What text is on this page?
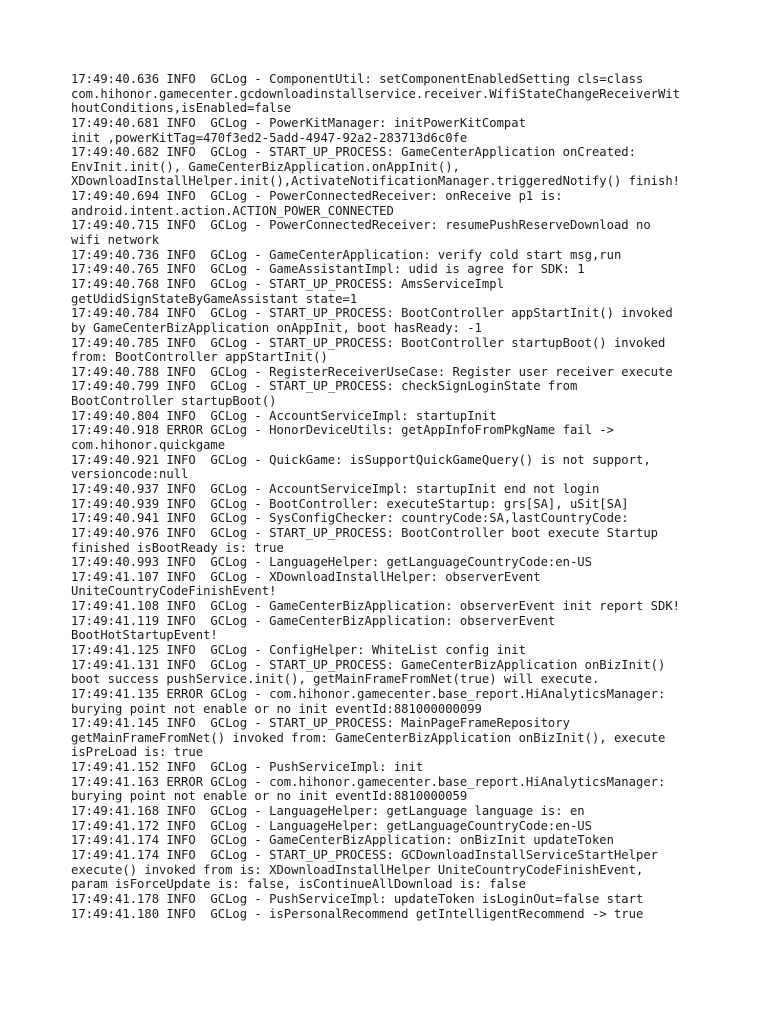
17:49:40.636 INFO  GCLog - ComponentUtil: setComponentEnabledSetting cls=class
com.hihonor.gamecenter.gcdownloadinstallservice.receiver.WifiStateChangeReceiverWit
houtConditions,isEnabled=false
17:49:40.681 INFO  GCLog - PowerKitManager: initPowerKitCompat
init ,powerKitTag=470f3ed2-5add-4947-92a2-283713d6c0fe
17:49:40.682 INFO  GCLog - START_UP_PROCESS: GameCenterApplication onCreated:
EnvInit.init(), GameCenterBizApplication.onAppInit(),
XDownloadInstallHelper.init(),ActivateNotificationManager.triggeredNotify() finish!
17:49:40.694 INFO  GCLog - PowerConnectedReceiver: onReceive p1 is:
android.intent.action.ACTION_POWER_CONNECTED
17:49:40.715 INFO  GCLog - PowerConnectedReceiver: resumePushReserveDownload no
wifi network
17:49:40.736 INFO  GCLog - GameCenterApplication: verify cold start msg,run
17:49:40.765 INFO  GCLog - GameAssistantImpl: udid is agree for SDK: 1
17:49:40.768 INFO  GCLog - START_UP_PROCESS: AmsServiceImpl
getUdidSignStateByGameAssistant state=1
17:49:40.784 INFO  GCLog - START_UP_PROCESS: BootController appStartInit() invoked
by GameCenterBizApplication onAppInit, boot hasReady: -1
17:49:40.785 INFO  GCLog - START_UP_PROCESS: BootController startupBoot() invoked
from: BootController appStartInit()
17:49:40.788 INFO  GCLog - RegisterReceiverUseCase: Register user receiver execute
17:49:40.799 INFO  GCLog - START_UP_PROCESS: checkSignLoginState from
BootController startupBoot()
17:49:40.804 INFO  GCLog - AccountServiceImpl: startupInit
17:49:40.918 ERROR GCLog - HonorDeviceUtils: getAppInfoFromPkgName fail ->
com.hihonor.quickgame
17:49:40.921 INFO  GCLog - QuickGame: isSupportQuickGameQuery() is not support,
versioncode:null
17:49:40.937 INFO  GCLog - AccountServiceImpl: startupInit end not login
17:49:40.939 INFO  GCLog - BootController: executeStartup: grs[SA], uSit[SA]
17:49:40.941 INFO  GCLog - SysConfigChecker: countryCode:SA,lastCountryCode:
17:49:40.976 INFO  GCLog - START_UP_PROCESS: BootController boot execute Startup
finished isBootReady is: true
17:49:40.993 INFO  GCLog - LanguageHelper: getLanguageCountryCode:en-US
17:49:41.107 INFO  GCLog - XDownloadInstallHelper: observerEvent
UniteCountryCodeFinishEvent!
17:49:41.108 INFO  GCLog - GameCenterBizApplication: observerEvent init report SDK!
17:49:41.119 INFO  GCLog - GameCenterBizApplication: observerEvent
BootHotStartupEvent!
17:49:41.125 INFO  GCLog - ConfigHelper: WhiteList config init
17:49:41.131 INFO  GCLog - START_UP_PROCESS: GameCenterBizApplication onBizInit()
boot success pushService.init(), getMainFrameFromNet(true) will execute.
17:49:41.135 ERROR GCLog - com.hihonor.gamecenter.base_report.HiAnalyticsManager:
burying point not enable or no init eventId:881000000099
17:49:41.145 INFO  GCLog - START_UP_PROCESS: MainPageFrameRepository
getMainFrameFromNet() invoked from: GameCenterBizApplication onBizInit(), execute
isPreLoad is: true
17:49:41.152 INFO  GCLog - PushServiceImpl: init
17:49:41.163 ERROR GCLog - com.hihonor.gamecenter.base_report.HiAnalyticsManager:
burying point not enable or no init eventId:8810000059
17:49:41.168 INFO  GCLog - LanguageHelper: getLanguage language is: en
17:49:41.172 INFO  GCLog - LanguageHelper: getLanguageCountryCode:en-US
17:49:41.174 INFO  GCLog - GameCenterBizApplication: onBizInit updateToken
17:49:41.174 INFO  GCLog - START_UP_PROCESS: GCDownloadInstallServiceStartHelper
execute() invoked from is: XDownloadInstallHelper UniteCountryCodeFinishEvent,
param isForceUpdate is: false, isContinueAllDownload is: false
17:49:41.178 INFO  GCLog - PushServiceImpl: updateToken isLoginOut=false start
17:49:41.180 INFO  GCLog - isPersonalRecommend getIntelligentRecommend -> true
